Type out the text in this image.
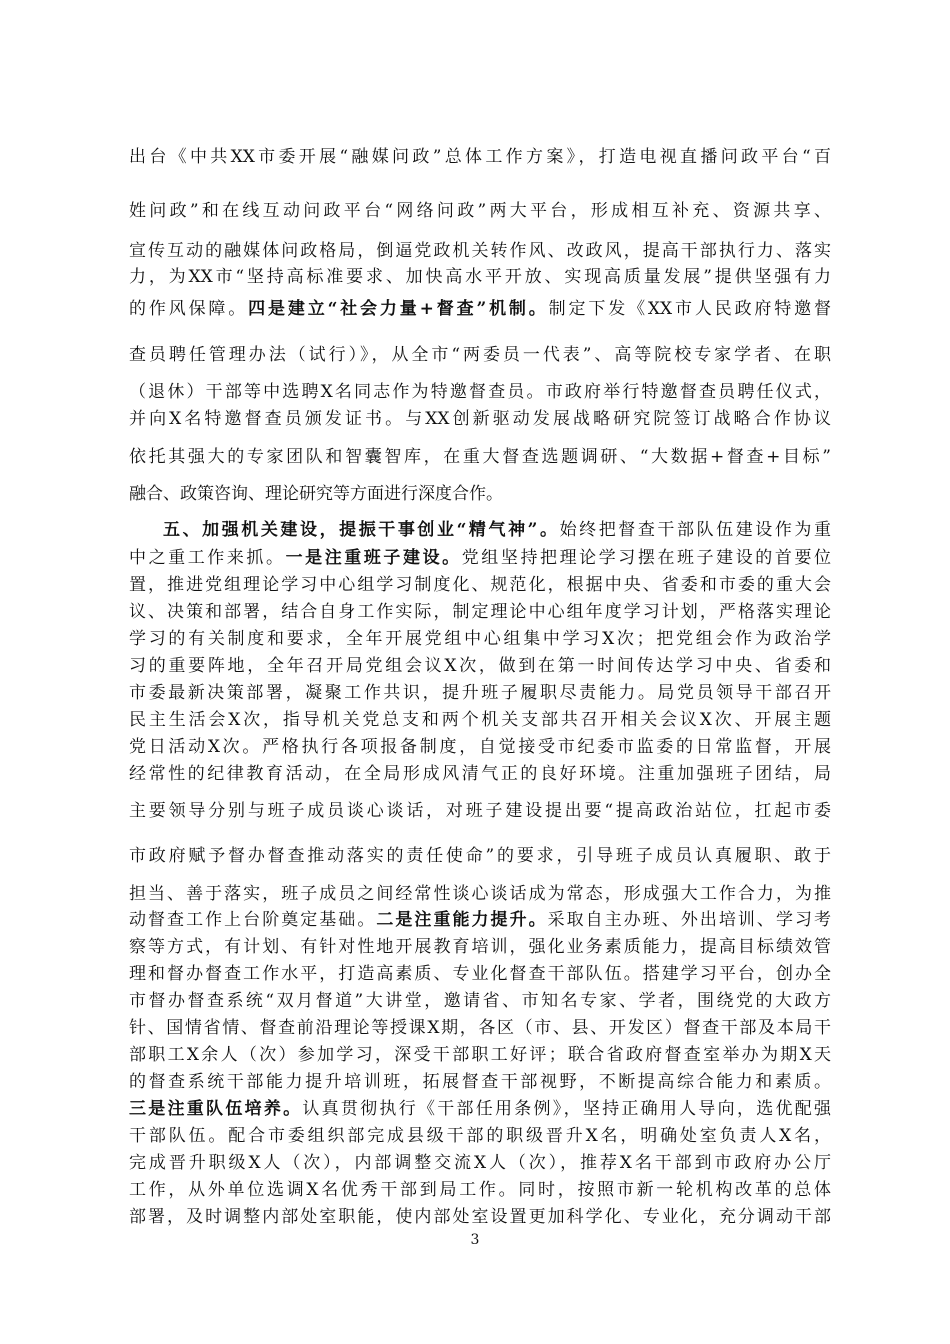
出台《中共XX市委开展“融媒问政”总体工作方案》，打造电视直播问政平台“百
姓问政”和在线互动问政平台“网络问政”两大平台，形成相互补充、资源共享、
宣传互动的融媒体问政格局，倒逼党政机关转作风、改政风，提高干部执行力、落实
力，为XX市“坚持高标准要求、加快高水平开放、实现高质量发展”提供坚强有力
的作风保障。四是建立“社会力量+督查”机制。制定下发《XX市人民政府特邀督
查员聘任管理办法（试行）》，从全市“两委员一代表”、高等院校专家学者、在职
（退休）干部等中选聘X名同志作为特邀督查员。市政府举行特邀督查员聘任仪式，
并向X名特邀督查员颁发证书。与XX创新驱动发展战略研究院签订战略合作协议
依托其强大的专家团队和智囊智库，在重大督查选题调研、“大数据+督查+目标”
融合、政策咨询、理论研究等方面进行深度合作。
五、加强机关建设，提振干事创业“精气神”。始终把督查干部队伍建设作为重
中之重工作来抓。一是注重班子建设。党组坚持把理论学习摆在班子建设的首要位
置，推进党组理论学习中心组学习制度化、规范化，根据中央、省委和市委的重大会
议、决策和部署，结合自身工作实际，制定理论中心组年度学习计划，严格落实理论
学习的有关制度和要求，全年开展党组中心组集中学习X次；把党组会作为政治学
习的重要阵地，全年召开局党组会议X次，做到在第一时间传达学习中央、省委和
市委最新决策部署，凝聚工作共识，提升班子履职尽责能力。局党员领导干部召开
民主生活会X次，指导机关党总支和两个机关支部共召开相关会议X次、开展主题
党日活动X次。严格执行各项报备制度，自觉接受市纪委市监委的日常监督，开展
经常性的纪律教育活动，在全局形成风清气正的良好环境。注重加强班子团结，局
主要领导分别与班子成员谈心谈话，对班子建设提出要“提高政治站位，扛起市委
市政府赋予督办督查推动落实的责任使命”的要求，引导班子成员认真履职、敢于
担当、善于落实，班子成员之间经常性谈心谈话成为常态，形成强大工作合力，为推
动督查工作上台阶奠定基础。二是注重能力提升。采取自主办班、外出培训、学习考
察等方式，有计划、有针对性地开展教育培训，强化业务素质能力，提高目标绩效管
理和督办督查工作水平，打造高素质、专业化督查干部队伍。搭建学习平台，创办全
市督办督查系统“双月督道”大讲堂，邀请省、市知名专家、学者，围绕党的大政方
针、国情省情、督查前沿理论等授课X期，各区（市、县、开发区）督查干部及本局干
部职工X余人（次）参加学习，深受干部职工好评；联合省政府督查室举办为期X天
的督查系统干部能力提升培训班，拓展督查干部视野，不断提高综合能力和素质。
三是注重队伍培养。认真贯彻执行《干部任用条例》，坚持正确用人导向，选优配强
干部队伍。配合市委组织部完成县级干部的职级晋升X名，明确处室负责人X名，
完成晋升职级X人（次），内部调整交流X人（次），推荐X名干部到市政府办公厅
工作，从外单位选调X名优秀干部到局工作。同时，按照市新一轮机构改革的总体
部署，及时调整内部处室职能，使内部处室设置更加科学化、专业化，充分调动干部
3
